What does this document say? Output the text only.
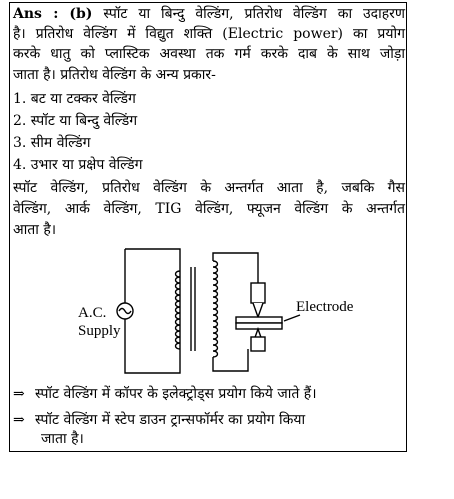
Ans : (b) स्पॉट या बिन्दु वेल्डिंग, प्रतिरोध वेल्डिंग का उदाहरण
है। प्रतिरोध वेल्डिंग में विद्युत शक्ति (Electric power) का प्रयोग
करके धातु को प्लास्टिक अवस्था तक गर्म करके दाब के साथ जोड़ा
जाता है। प्रतिरोध वेल्डिंग के अन्य प्रकार-
1. बट या टक्कर वेल्डिंग
2. स्पॉट या बिन्दु वेल्डिंग
3. सीम वेल्डिंग
4. उभार या प्रक्षेप वेल्डिंग
स्पॉट वेल्डिंग, प्रतिरोध वेल्डिंग के अन्तर्गत आता है, जबकि गैस
वेल्डिंग, आर्क वेल्डिंग, TIG वेल्डिंग, फ्यूजन वेल्डिंग के अन्तर्गत
आता है।
A.C.
Supply
Electrode
⇒ स्पॉट वेल्डिंग में कॉपर के इलेक्ट्रोड्स प्रयोग किये जाते हैं।
⇒ स्पॉट वेल्डिंग में स्टेप डाउन ट्रान्सफॉर्मर का प्रयोग किया
जाता है।
